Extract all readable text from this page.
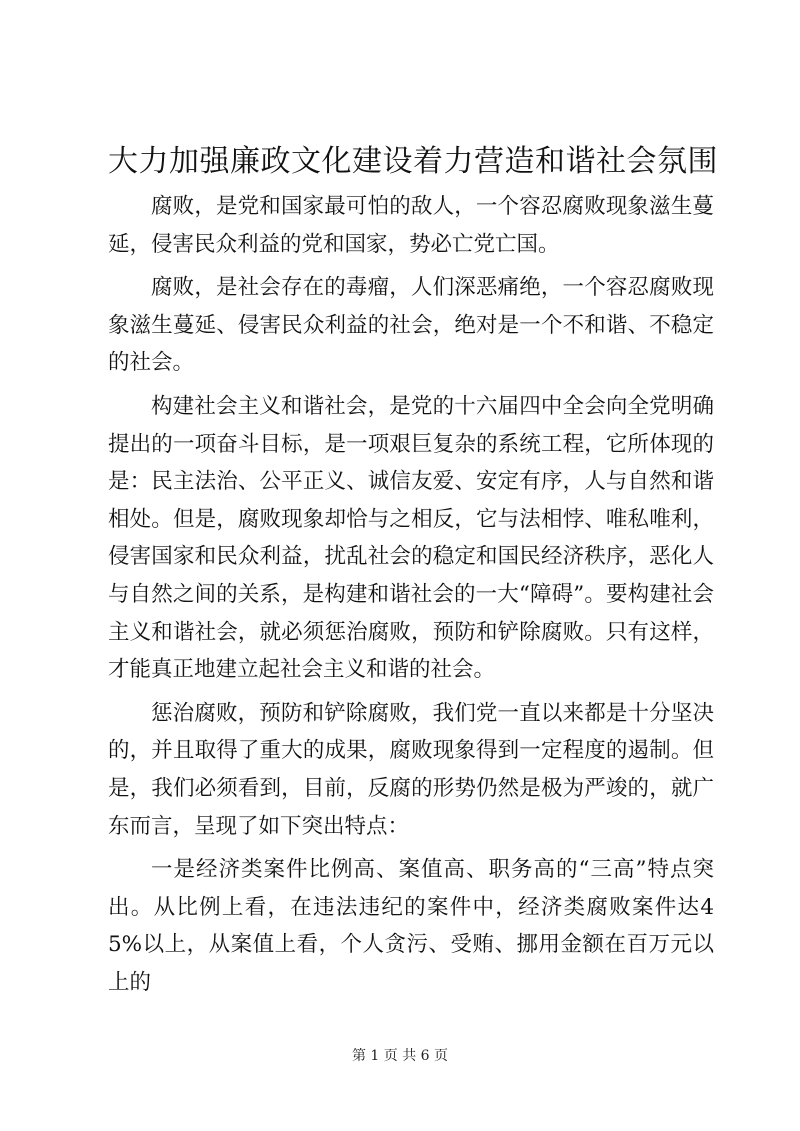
大力加强廉政文化建设着力营造和谐社会氛围

腐败，是党和国家最可怕的敌人，一个容忍腐败现象滋生蔓延，侵害民众利益的党和国家，势必亡党亡国。

腐败，是社会存在的毒瘤，人们深恶痛绝，一个容忍腐败现象滋生蔓延、侵害民众利益的社会，绝对是一个不和谐、不稳定的社会。

构建社会主义和谐社会，是党的十六届四中全会向全党明确提出的一项奋斗目标，是一项艰巨复杂的系统工程，它所体现的是：民主法治、公平正义、诚信友爱、安定有序，人与自然和谐相处。但是，腐败现象却恰与之相反，它与法相悖、唯私唯利，侵害国家和民众利益，扰乱社会的稳定和国民经济秩序，恶化人与自然之间的关系，是构建和谐社会的一大“障碍”。要构建社会主义和谐社会，就必须惩治腐败，预防和铲除腐败。只有这样，才能真正地建立起社会主义和谐的社会。

惩治腐败，预防和铲除腐败，我们党一直以来都是十分坚决的，并且取得了重大的成果，腐败现象得到一定程度的遏制。但是，我们必须看到，目前，反腐的形势仍然是极为严竣的，就广东而言，呈现了如下突出特点：

一是经济类案件比例高、案值高、职务高的“三高”特点突出。从比例上看，在违法违纪的案件中，经济类腐败案件达45%以上，从案值上看，个人贪污、受贿、挪用金额在百万元以上的

第 1 页 共 6 页
